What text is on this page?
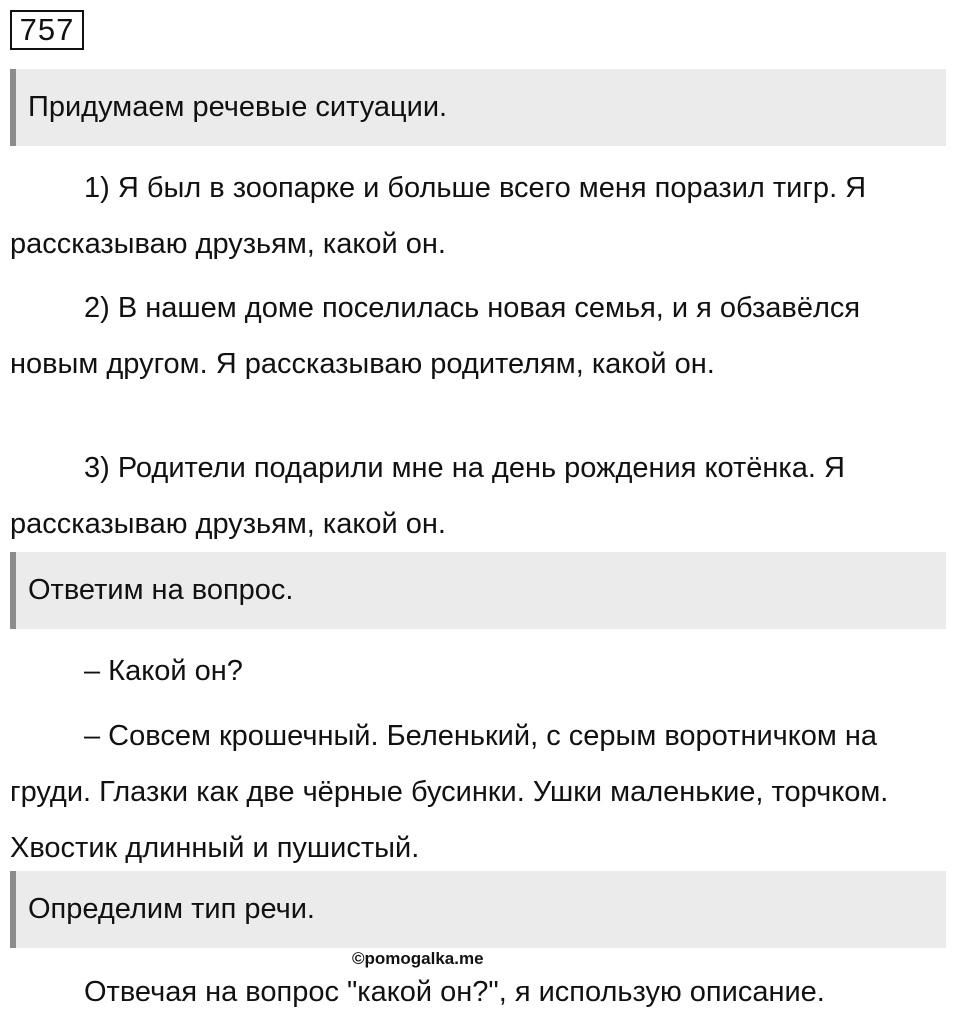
757
Придумаем речевые ситуации.

1) Я был в зоопарке и больше всего меня поразил тигр. Я рассказываю друзьям, какой он.

2) В нашем доме поселилась новая семья, и я обзавёлся новым другом. Я рассказываю родителям, какой он.

3) Родители подарили мне на день рождения котёнка. Я рассказываю друзьям, какой он.

Ответим на вопрос.

– Какой он?

– Совсем крошечный. Беленький, с серым воротничком на груди. Глазки как две чёрные бусинки. Ушки маленькие, торчком. Хвостик длинный и пушистый.

Определим тип речи.
©pomogalka.me

Отвечая на вопрос "какой он?", я использую описание.
